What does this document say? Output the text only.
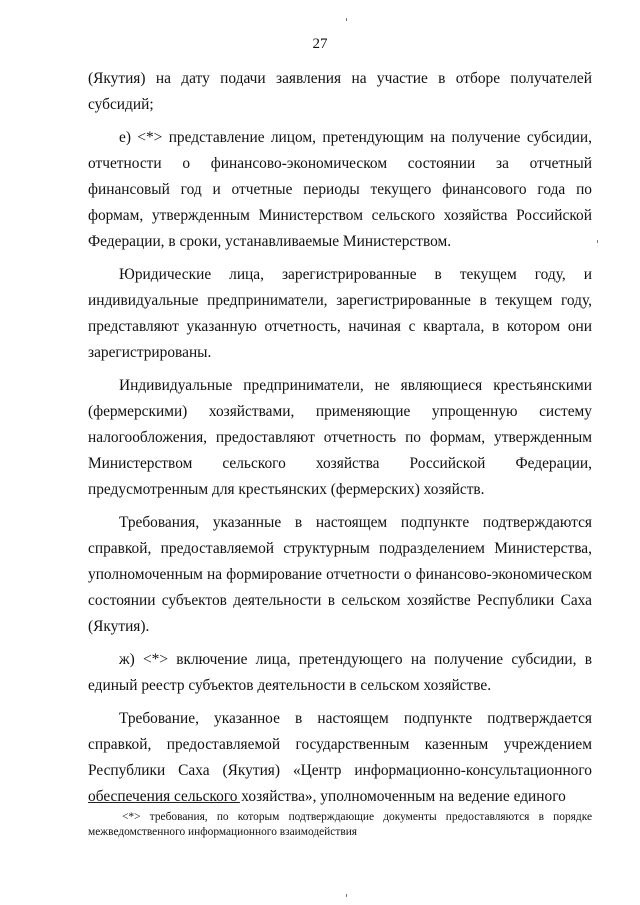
27

(Якутия) на дату подачи заявления на участие в отборе получателей субсидий;

е) <*> представление лицом, претендующим на получение субсидии, отчетности о финансово-экономическом состоянии за отчетный финансовый год и отчетные периоды текущего финансового года по формам, утвержденным Министерством сельского хозяйства Российской Федерации, в сроки, устанавливаемые Министерством.

Юридические лица, зарегистрированные в текущем году, и индивидуальные предприниматели, зарегистрированные в текущем году, представляют указанную отчетность, начиная с квартала, в котором они зарегистрированы.

Индивидуальные предприниматели, не являющиеся крестьянскими (фермерскими) хозяйствами, применяющие упрощенную систему налогообложения, предоставляют отчетность по формам, утвержденным Министерством сельского хозяйства Российской Федерации, предусмотренным для крестьянских (фермерских) хозяйств.

Требования, указанные в настоящем подпункте подтверждаются справкой, предоставляемой структурным подразделением Министерства, уполномоченным на формирование отчетности о финансово-экономическом состоянии субъектов деятельности в сельском хозяйстве Республики Саха (Якутия).

ж) <*> включение лица, претендующего на получение субсидии, в единый реестр субъектов деятельности в сельском хозяйстве.

Требование, указанное в настоящем подпункте подтверждается справкой, предоставляемой государственным казенным учреждением Республики Саха (Якутия) «Центр информационно-консультационного обеспечения сельского хозяйства», уполномоченным на ведение единого

<*> требования, по которым подтверждающие документы предоставляются в порядке межведомственного информационного взаимодействия
